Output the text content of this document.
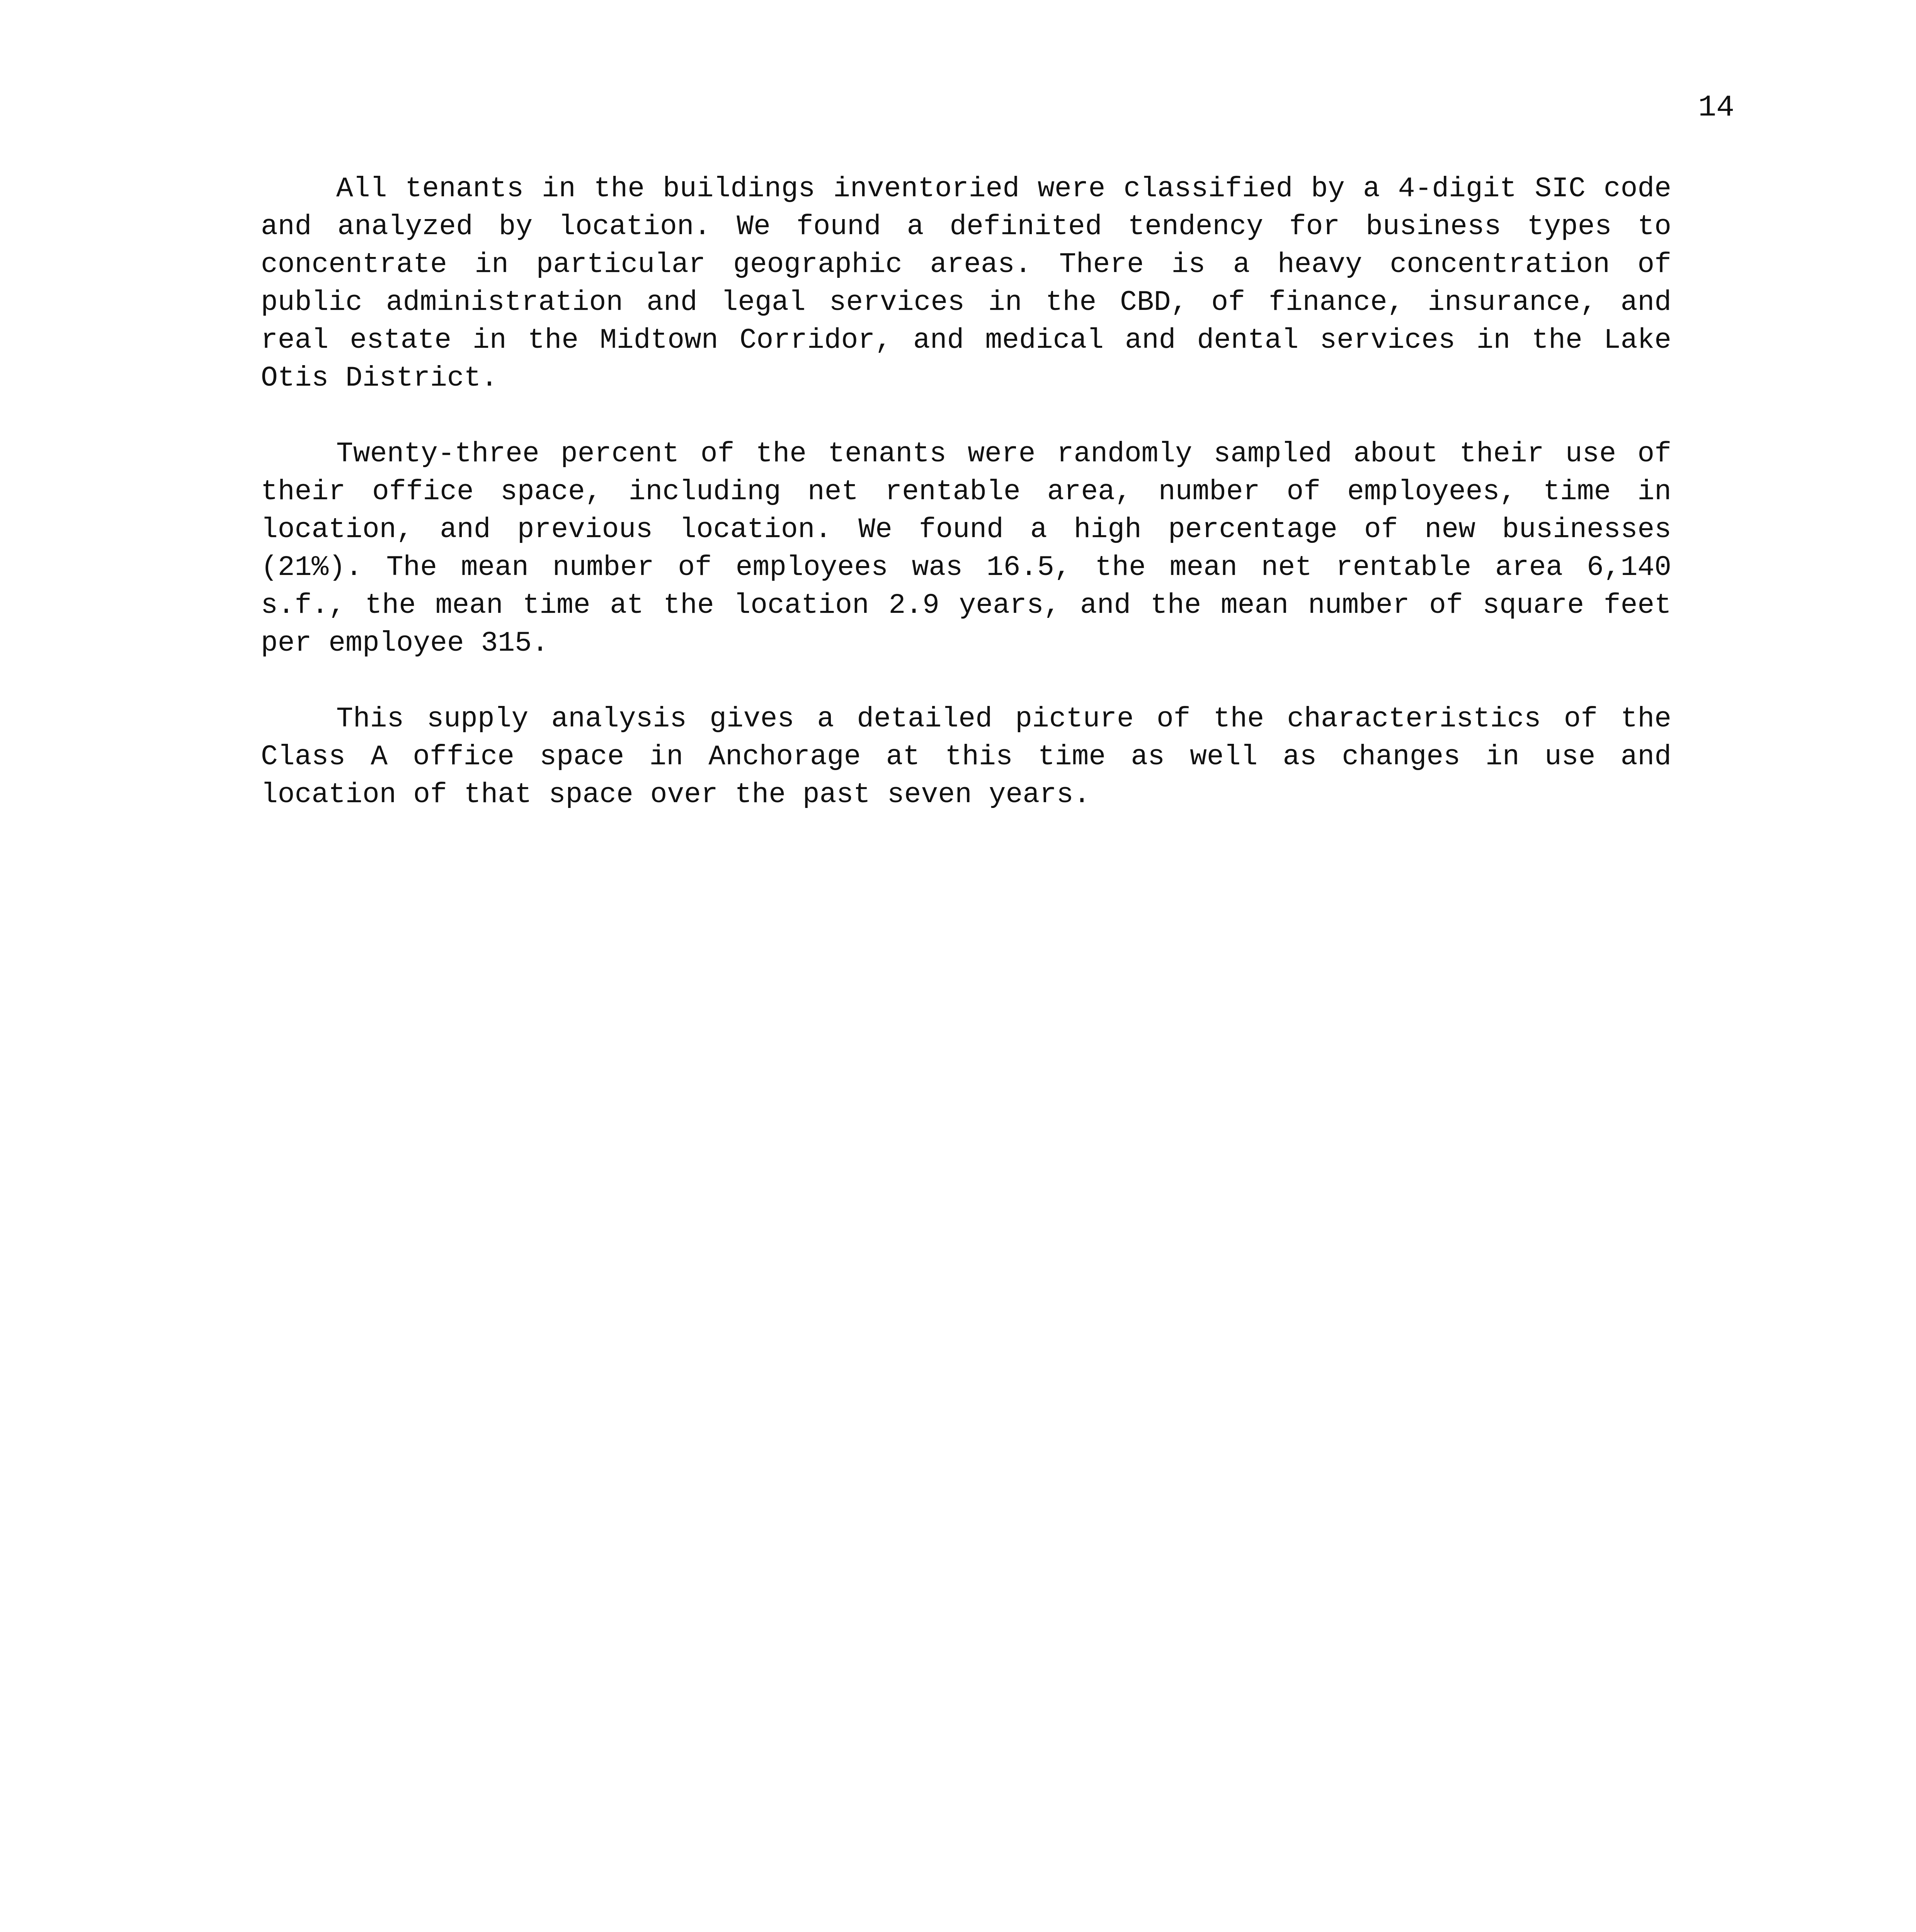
14

All tenants in the buildings inventoried were classified by a 4-digit SIC code and analyzed by location. We found a definited tendency for business types to concentrate in particular geographic areas. There is a heavy concentration of public administration and legal services in the CBD, of finance, insurance, and real estate in the Midtown Corridor, and medical and dental services in the Lake Otis District.

Twenty-three percent of the tenants were randomly sampled about their use of their office space, including net rentable area, number of employees, time in location, and previous location. We found a high percentage of new businesses (21%). The mean number of employees was 16.5, the mean net rentable area 6,140 s.f., the mean time at the location 2.9 years, and the mean number of square feet per employee 315.

This supply analysis gives a detailed picture of the characteristics of the Class A office space in Anchorage at this time as well as changes in use and location of that space over the past seven years.
